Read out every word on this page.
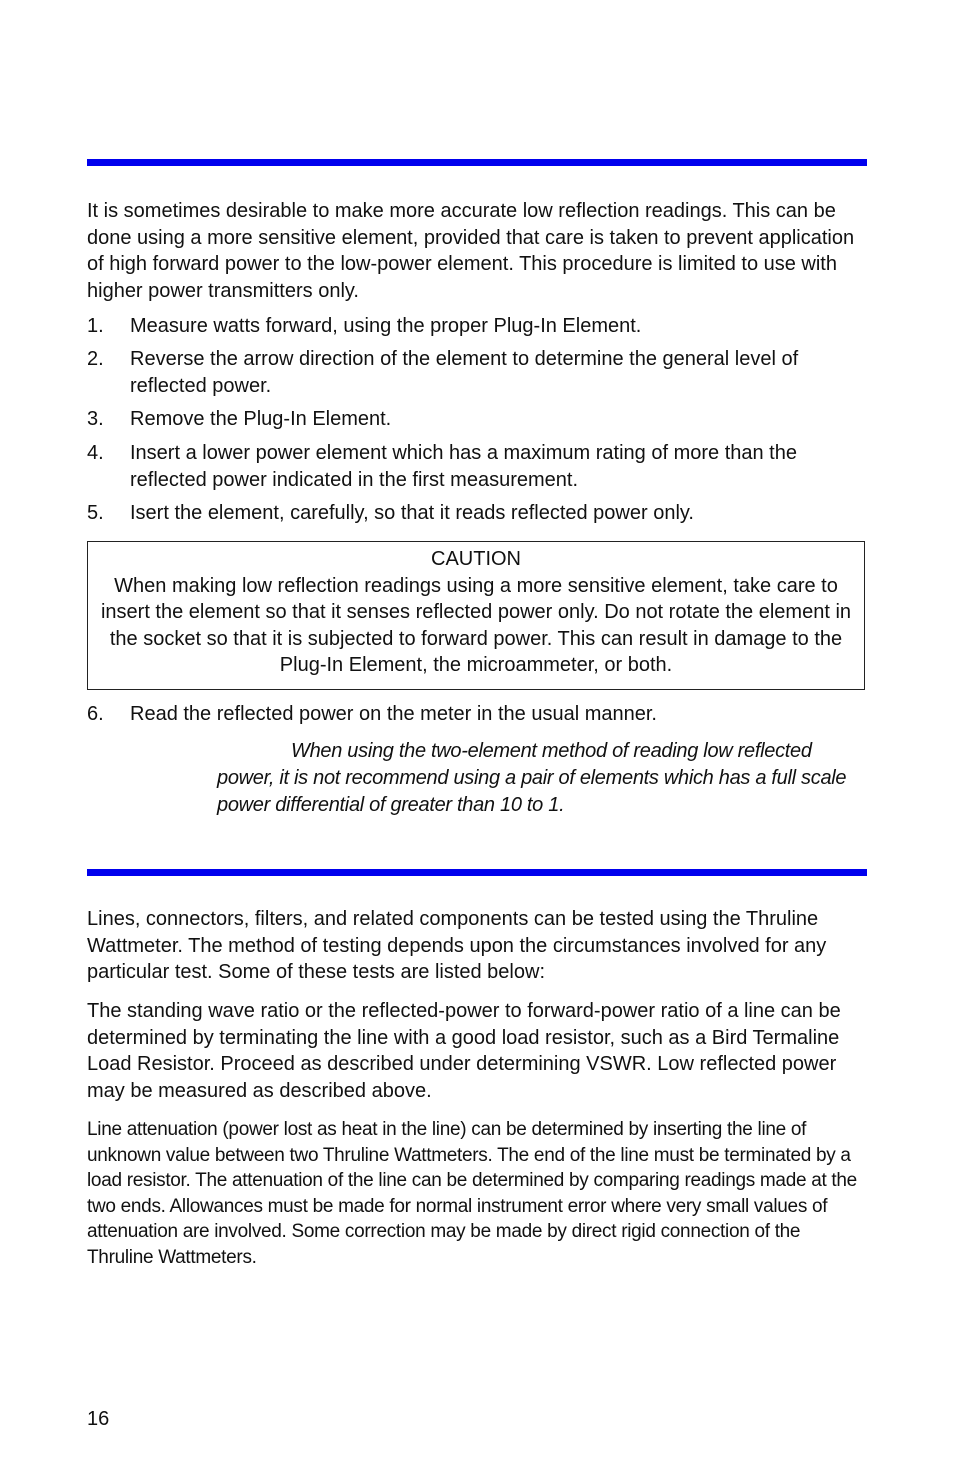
It is sometimes desirable to make more accurate low reflection readings. This can be done using a more sensitive element, provided that care is taken to prevent application of high forward power to the low-power element. This procedure is limited to use with higher power transmitters only.

1. Measure watts forward, using the proper Plug-In Element.
2. Reverse the arrow direction of the element to determine the general level of reflected power.
3. Remove the Plug-In Element.
4. Insert a lower power element which has a maximum rating of more than the reflected power indicated in the first measurement.
5. Isert the element, carefully, so that it reads reflected power only.
CAUTION
When making low reflection readings using a more sensitive element, take care to insert the element so that it senses reflected power only. Do not rotate the element in the socket so that it is subjected to forward power. This can result in damage to the Plug-In Element, the microammeter, or both.
6. Read the reflected power on the meter in the usual manner.
When using the two-element method of reading low reflected power, it is not recommend using a pair of elements which has a full scale power differential of greater than 10 to 1.

Lines, connectors, filters, and related components can be tested using the Thruline Wattmeter. The method of testing depends upon the circumstances involved for any particular test. Some of these tests are listed below:

The standing wave ratio or the reflected-power to forward-power ratio of a line can be determined by terminating the line with a good load resistor, such as a Bird Termaline Load Resistor. Proceed as described under determining VSWR. Low reflected power may be measured as described above.

Line attenuation (power lost as heat in the line) can be determined by inserting the line of unknown value between two Thruline Wattmeters. The end of the line must be terminated by a load resistor. The attenuation of the line can be determined by comparing readings made at the two ends. Allowances must be made for normal instrument error where very small values of attenuation are involved. Some correction may be made by direct rigid connection of the Thruline Wattmeters.

16
